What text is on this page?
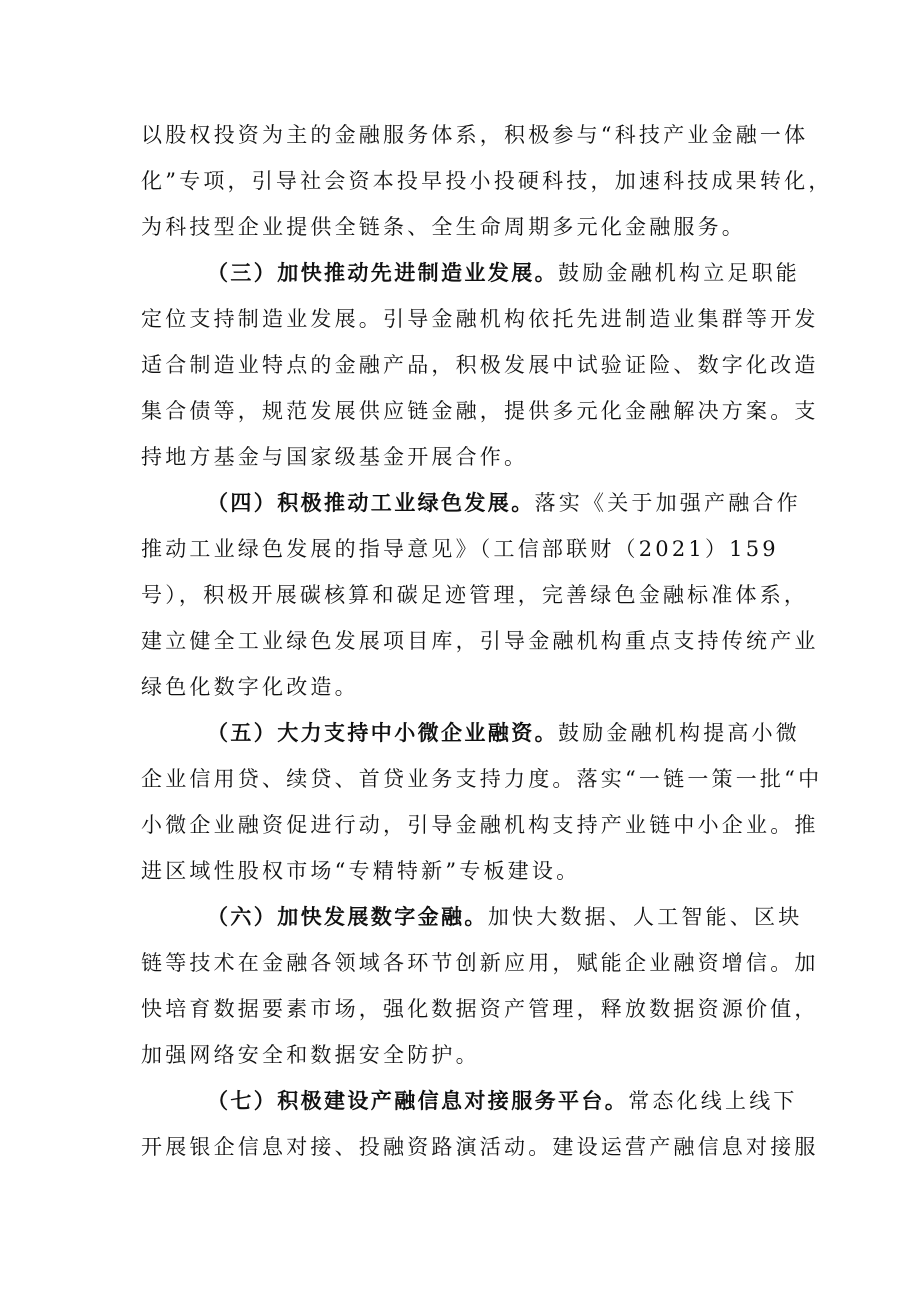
以股权投资为主的金融服务体系，积极参与“科技产业金融一体
化”专项，引导社会资本投早投小投硬科技，加速科技成果转化，
为科技型企业提供全链条、全生命周期多元化金融服务。
（三）加快推动先进制造业发展。鼓励金融机构立足职能
定位支持制造业发展。引导金融机构依托先进制造业集群等开发
适合制造业特点的金融产品，积极发展中试验证险、数字化改造
集合债等，规范发展供应链金融，提供多元化金融解决方案。支
持地方基金与国家级基金开展合作。
（四）积极推动工业绿色发展。落实《关于加强产融合作
推动工业绿色发展的指导意见》（工信部联财（2021）159
号），积极开展碳核算和碳足迹管理，完善绿色金融标准体系，
建立健全工业绿色发展项目库，引导金融机构重点支持传统产业
绿色化数字化改造。
（五）大力支持中小微企业融资。鼓励金融机构提高小微
企业信用贷、续贷、首贷业务支持力度。落实“一链一策一批“中
小微企业融资促进行动，引导金融机构支持产业链中小企业。推
进区域性股权市场“专精特新”专板建设。
（六）加快发展数字金融。加快大数据、人工智能、区块
链等技术在金融各领域各环节创新应用，赋能企业融资增信。加
快培育数据要素市场，强化数据资产管理，释放数据资源价值，
加强网络安全和数据安全防护。
（七）积极建设产融信息对接服务平台。常态化线上线下
开展银企信息对接、投融资路演活动。建设运营产融信息对接服
